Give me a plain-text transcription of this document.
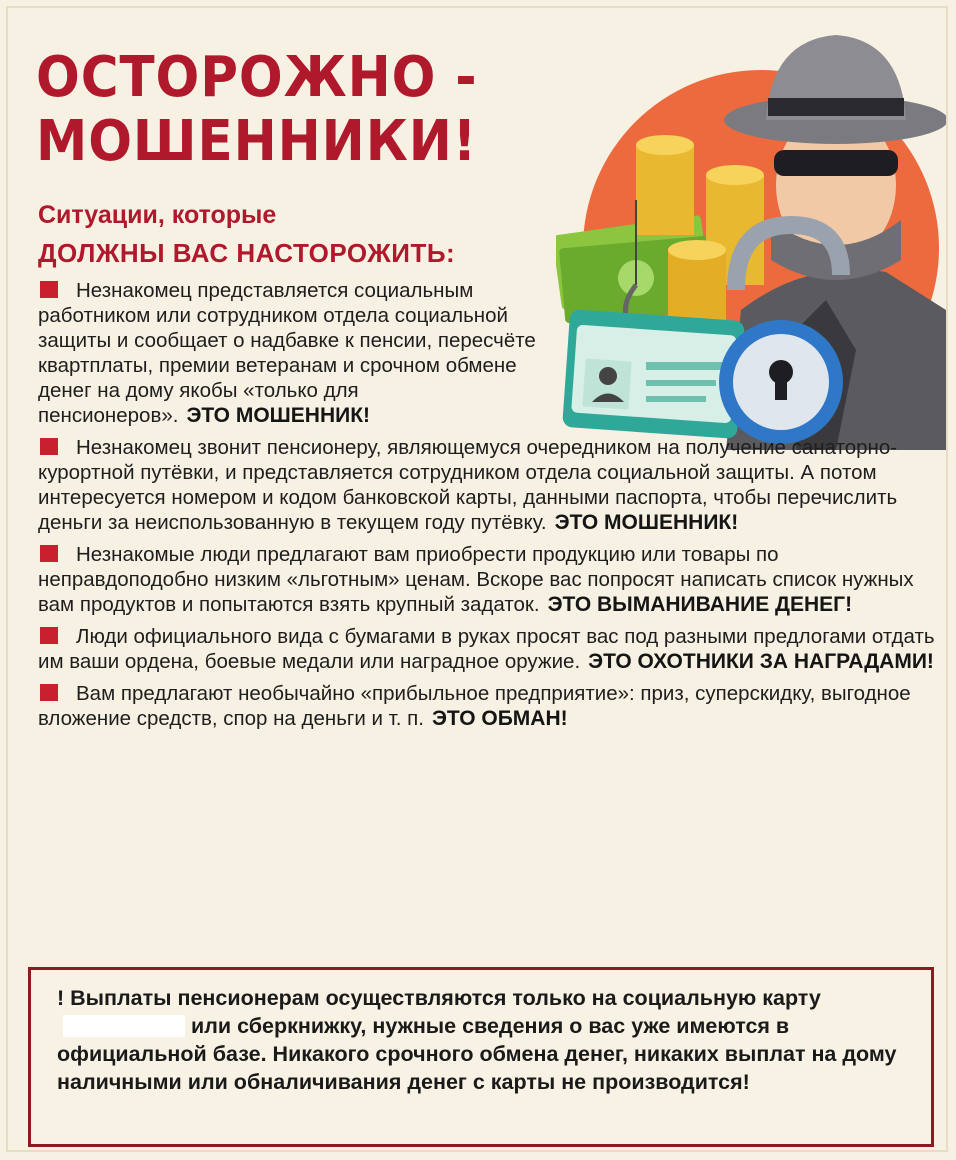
ОСТОРОЖНО -
МОШЕННИКИ!
Ситуации, которые
ДОЛЖНЫ ВАС НАСТОРОЖИТЬ:
Незнакомец представляется социальным работником или сотрудником отдела социальной защиты и сообщает о надбавке к пенсии, пересчёте квартплаты, премии ветеранам и срочном обмене денег на дому якобы «только для пенсионеров». ЭТО МОШЕННИК!
Незнакомец звонит пенсионеру, являющемуся очередником на получение санаторно-курортной путёвки, и представляется сотрудником отдела социальной защиты. А потом интересуется номером и кодом банковской карты, данными паспорта, чтобы перечислить деньги за неиспользованную в текущем году путёвку. ЭТО МОШЕННИК!
Незнакомые люди предлагают вам приобрести продукцию или товары по неправдоподобно низким «льготным» ценам. Вскоре вас попросят написать список нужных вам продуктов и попытаются взять крупный задаток. ЭТО ВЫМАНИВАНИЕ ДЕНЕГ!
Люди официального вида с бумагами в руках просят вас под разными предлогами отдать им ваши ордена, боевые медали или наградное оружие. ЭТО ОХОТНИКИ ЗА НАГРАДАМИ!
Вам предлагают необычайно «прибыльное предприятие»: приз, суперскидку, выгодное вложение средств, спор на деньги и т. п. ЭТО ОБМАН!

! Выплаты пенсионерам осуществляются только на социальную картуили сберкнижку, нужные сведения о вас уже имеются в официальной базе. Никакого срочного обмена денег, никаких выплат на дому наличными или обналичивания денег с карты не производится!
